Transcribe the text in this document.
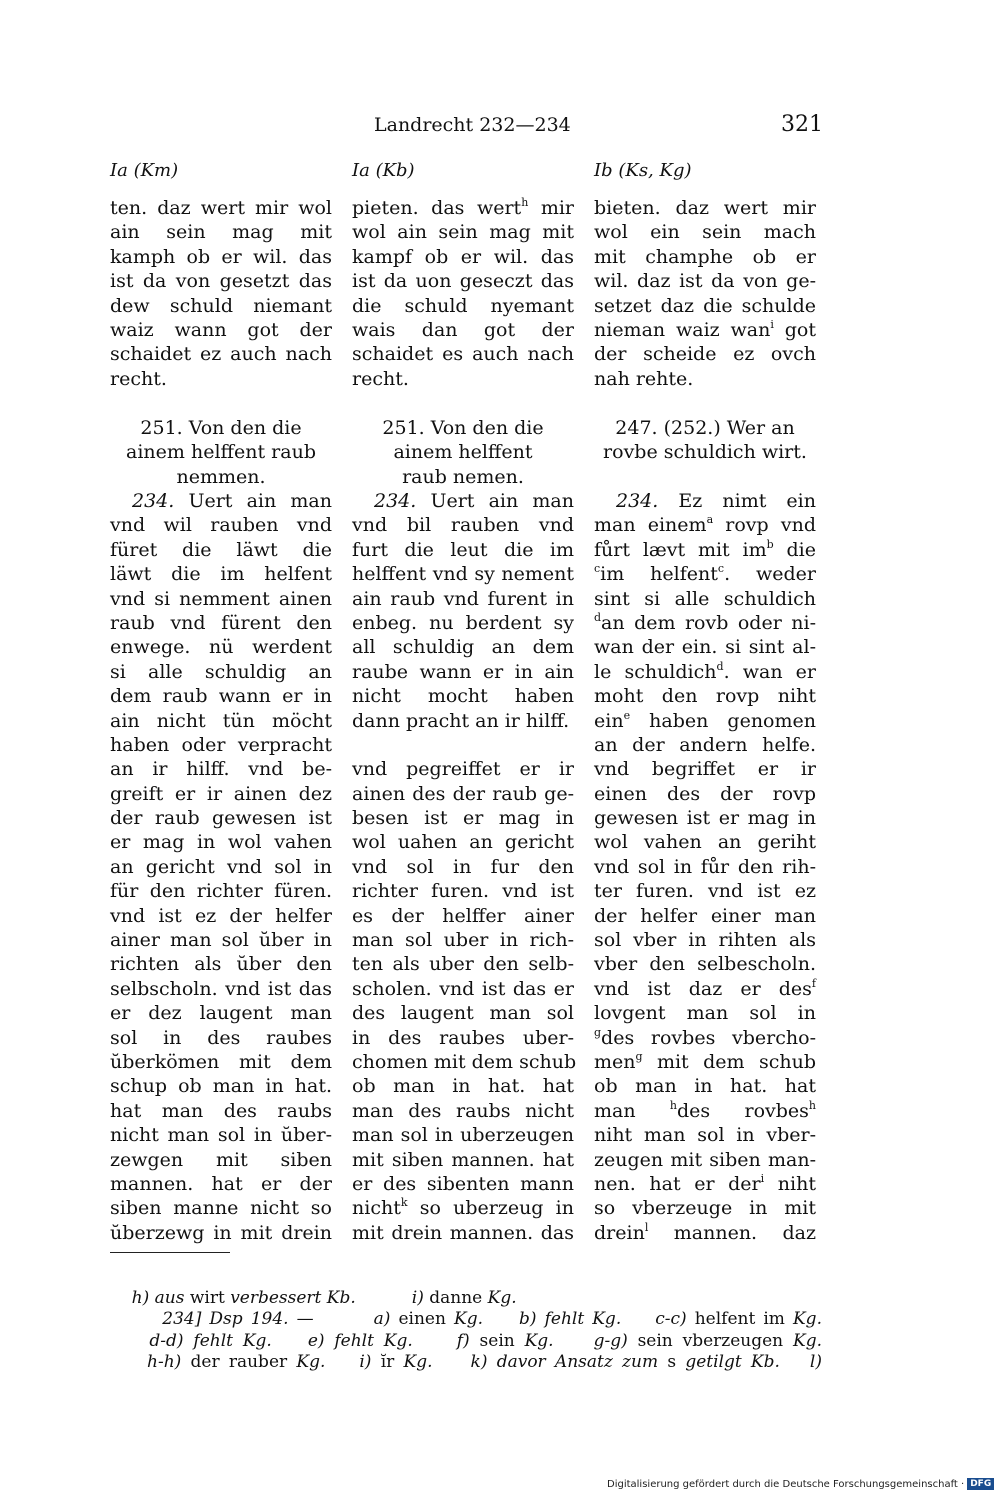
Landrecht 232—234	321
Ia (Km)
ten. daz wert mir wol
ain sein mag mit
kamph ob er wil. das
ist da von gesetzt das
dew schuld niemant
waiz wann got der
schaidet ez auch nach
recht.
251. Von den die
ainem helffent raub
nemmen.
234. Uert ain man
vnd wil rauben vnd
füret die läwt die
läwt die im helfent
vnd si nemment ainen
raub vnd fürent den
enwege. nü werdent
si alle schuldig an
dem raub wann er in
ain nicht tün möcht
haben oder verpracht
an ir hilff. vnd be-
greift er ir ainen dez
der raub gewesen ist
er mag in wol vahen
an gericht vnd sol in
für den richter füren.
vnd ist ez der helfer
ainer man sol ŭber in
richten als ŭber den
selbscholn. vnd ist das
er dez laugent man
sol in des raubes
ŭberkömen mit dem
schup ob man in hat.
hat man des raubs
nicht man sol in ŭber-
zewgen mit siben
mannen. hat er der
siben manne nicht so
ŭberzewg in mit drein
Ia (Kb)
pieten. das wert$^h$ mir
wol ain sein mag mit
kampf ob er wil. das
ist da uon geseczt das
die schuld nyemant
wais dan got der
schaidet es auch nach
recht.
251. Von den die
ainem helffent
raub nemen.
234. Uert ain man
vnd bil rauben vnd
furt die leut die im
helffent vnd sy nement
ain raub vnd furent in
enbeg. nu berdent sy
all schuldig an dem
raube wann er in ain
nicht mocht haben
dann pracht an ir hilff.
vnd pegreiffet er ir
ainen des der raub ge-
besen ist er mag in
wol uahen an gericht
vnd sol in fur den
richter furen. vnd ist
es der helffer ainer
man sol uber in rich-
ten als uber den selb-
scholen. vnd ist das er
des laugent man sol
in des raubes uber-
chomen mit dem schub
ob man in hat. hat
man des raubs nicht
man sol in uberzeugen
mit siben mannen. hat
er des sibenten mann
nicht$^k$ so uberzeug in
mit drein mannen. das
Ib (Ks, Kg)
bieten. daz wert mir
wol ein sein mach
mit champhe ob er
wil. daz ist da von ge-
setzet daz die schulde
nieman waiz wan$^i$ got
der scheide ez ovch
nah rehte.
247. (252.) Wer an
rovbe schuldich wirt.
234. Ez nimt ein
man einem$^a$ rovp vnd
fůrt lævt mit $im^b$ die
$^c$im helfent$^c$. weder
sint si alle schuldich
$^d$an dem rovb oder ni-
wan der ein. si sint al-
le schuldich$^d$. wan er
moht den rovp niht
ein$^e$ haben genomen
an der andern helfe.
vnd begriffet er ir
einen des der rovp
gewesen ist er mag in
wol vahen an geriht
vnd sol in fůr den rih-
ter furen. vnd ist ez
der helfer einer man
sol vber in rihten als
vber den selbescholn.
vnd ist daz er des$^f$
lovgent man sol in
$^g$des rovbes vbercho-
men$^g$ mit dem schub
ob man in hat. hat
man $^h$des rovbes$^h$
niht man sol in vber-
zeugen mit siben man-
nen. hat er der$^i$ niht
so vberzeuge in mit
drein$^l$ mannen. daz

h) aus wirt verbessert Kb.	i) danne Kg.

234] Dsp 194. —	a) einen Kg. b) fehlt Kg. c-c) helfent im Kg.

d-d) fehlt Kg. e) fehlt Kg.	f) sein Kg. g-g) sein vberzeugen Kg.

h-h) der rauber Kg. i) ĭr Kg. k) davor Ansatz zum s getilgt Kb. l)

Digitalisierung gefördert durch die Deutsche Forschungsgemeinschaft · DFG
